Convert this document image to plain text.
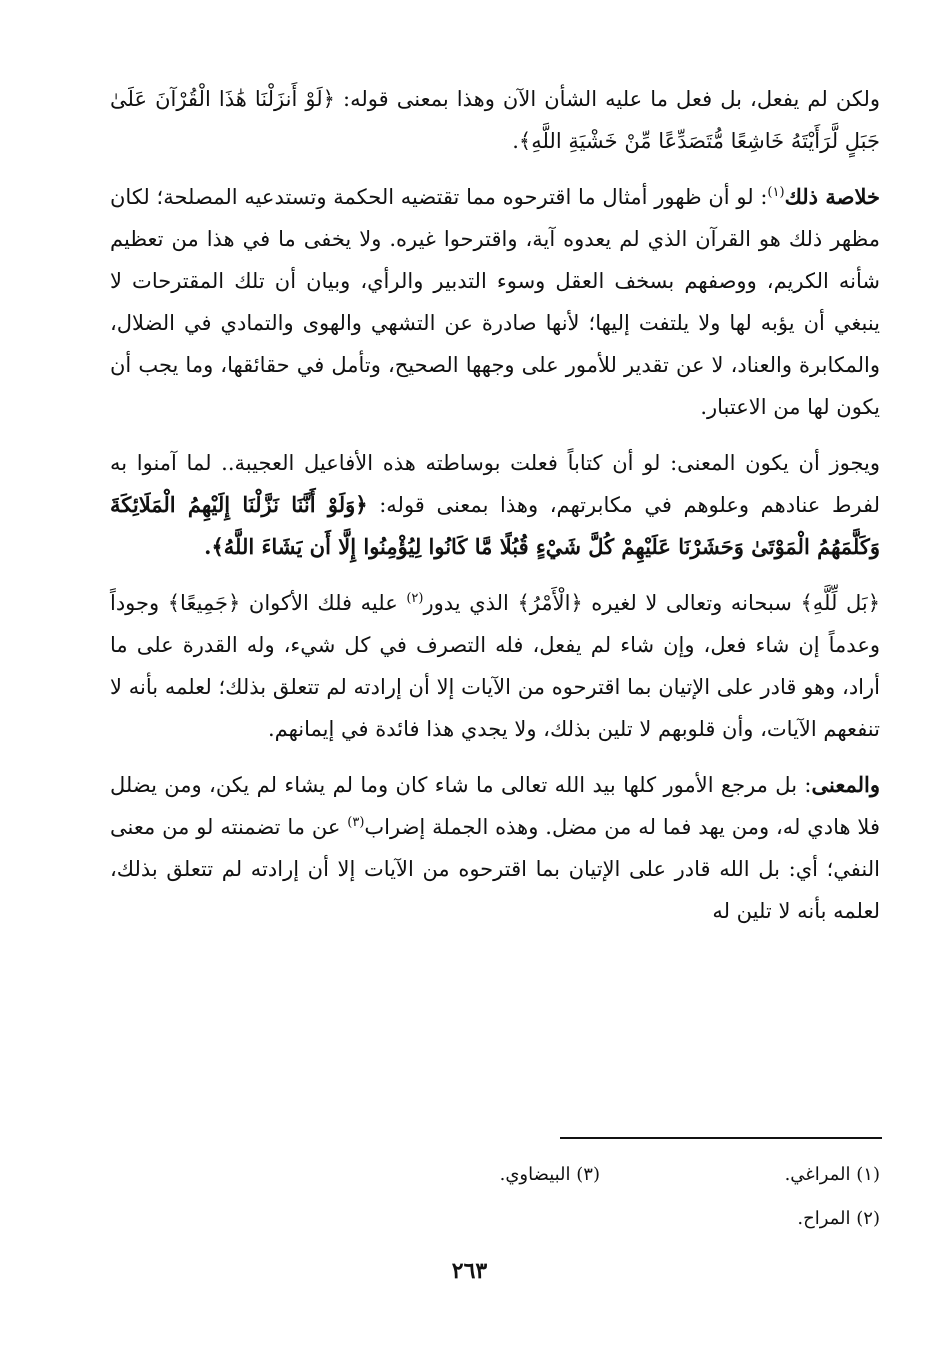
ولكن لم يفعل، بل فعل ما عليه الشأن الآن وهذا بمعنى قوله: ﴿لَوْ أَنزَلْنَا هَٰذَا الْقُرْآنَ عَلَىٰ جَبَلٍ لَّرَأَيْتَهُ خَاشِعًا مُّتَصَدِّعًا مِّنْ خَشْيَةِ اللَّهِ﴾.

خلاصة ذلك$^{(١)}$: لو أن ظهور أمثال ما اقترحوه مما تقتضيه الحكمة وتستدعيه المصلحة؛ لكان مظهر ذلك هو القرآن الذي لم يعدوه آية، واقترحوا غيره. ولا يخفى ما في هذا من تعظيم شأنه الكريم، ووصفهم بسخف العقل وسوء التدبير والرأي، وبيان أن تلك المقترحات لا ينبغي أن يؤبه لها ولا يلتفت إليها؛ لأنها صادرة عن التشهي والهوى والتمادي في الضلال، والمكابرة والعناد، لا عن تقدير للأمور على وجهها الصحيح، وتأمل في حقائقها، وما يجب أن يكون لها من الاعتبار.

ويجوز أن يكون المعنى: لو أن كتاباً فعلت بوساطته هذه الأفاعيل العجيبة.. لما آمنوا به لفرط عنادهم وعلوهم في مكابرتهم، وهذا بمعنى قوله: ﴿وَلَوْ أَنَّنَا نَزَّلْنَا إِلَيْهِمُ الْمَلَائِكَةَ وَكَلَّمَهُمُ الْمَوْتَىٰ وَحَشَرْنَا عَلَيْهِمْ كُلَّ شَيْءٍ قُبُلًا مَّا كَانُوا لِيُؤْمِنُوا إِلَّا أَن يَشَاءَ اللَّهُ﴾.

﴿بَل لِّلَّهِ﴾ سبحانه وتعالى لا لغيره ﴿الْأَمْرُ﴾ الذي يدور$^{(٢)}$ عليه فلك الأكوان ﴿جَمِيعًا﴾ وجوداً وعدماً إن شاء فعل، وإن شاء لم يفعل، فله التصرف في كل شيء، وله القدرة على ما أراد، وهو قادر على الإتيان بما اقترحوه من الآيات إلا أن إرادته لم تتعلق بذلك؛ لعلمه بأنه لا تنفعهم الآيات، وأن قلوبهم لا تلين بذلك، ولا يجدي هذا فائدة في إيمانهم.

والمعنى: بل مرجع الأمور كلها بيد الله تعالى ما شاء كان وما لم يشاء لم يكن، ومن يضلل فلا هادي له، ومن يهد فما له من مضل. وهذه الجملة إضراب$^{(٣)}$ عن ما تضمنته لو من معنى النفي؛ أي: بل الله قادر على الإتيان بما اقترحوه من الآيات إلا أن إرادته لم تتعلق بذلك، لعلمه بأنه لا تلين له

(١) المراغي.
(٣) البيضاوي.
(٢) المراح.
٢٦٣
